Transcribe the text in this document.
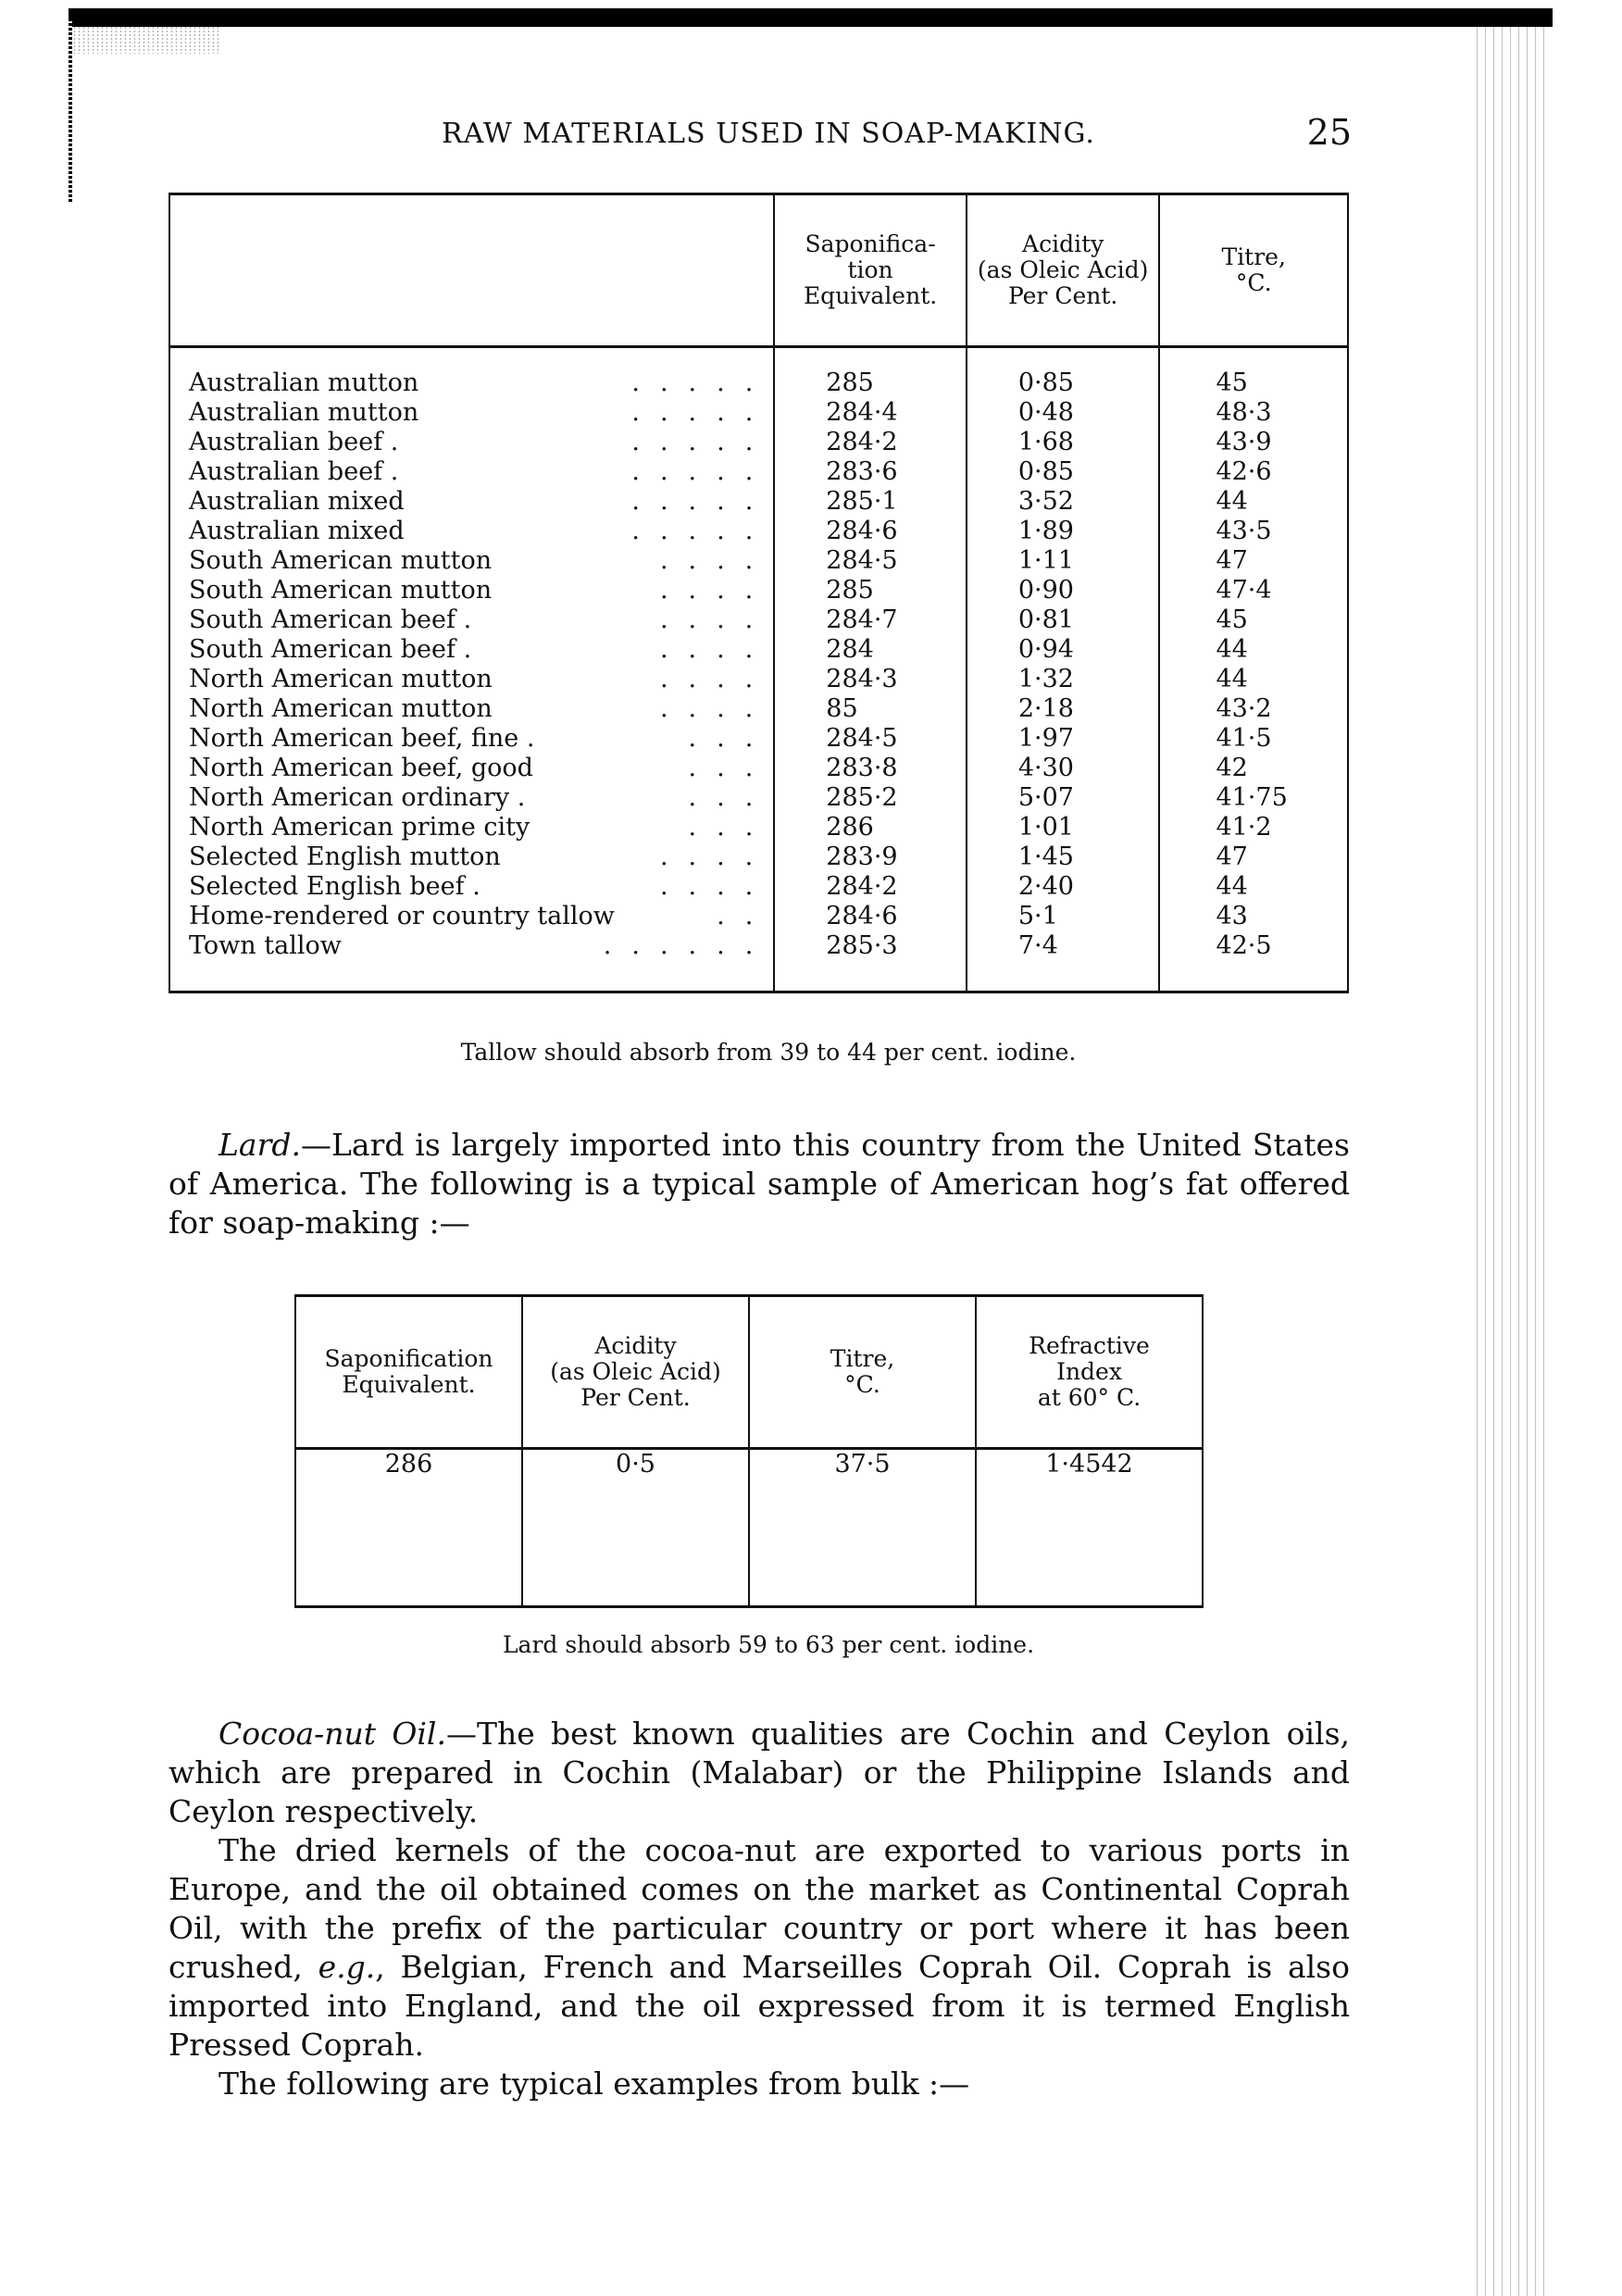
RAW MATERIALS USED IN SOAP-MAKING.	25
	Saponifica-
tion
Equivalent.	Acidity
(as Oleic Acid)
Per Cent.	Titre,
°C.

Australian mutton .....	285	0·85	45
Australian mutton .....	284·4	0·48	48·3
Australian beef . .....	284·2	1·68	43·9
Australian beef . .....	283·6	0·85	42·6
Australian mixed .....	285·1	3·52	44
Australian mixed .....	284·6	1·89	43·5
South American mutton ....	284·5	1·11	47
South American mutton ....	285	0·90	47·4
South American beef . ....	284·7	0·81	45
South American beef . ....	284	0·94	44
North American mutton ....	284·3	1·32	44
North American mutton ....	85	2·18	43·2
North American beef, fine . ...	284·5	1·97	41·5
North American beef, good ...	283·8	4·30	42
North American ordinary . ...	285·2	5·07	41·75
North American prime city ...	286	1·01	41·2
Selected English mutton ....	283·9	1·45	47
Selected English beef . ....	284·2	2·40	44
Home-rendered or country tallow ..	284·6	5·1	43
Town tallow ......	285·3	7·4	42·5

Tallow should absorb from 39 to 44 per cent. iodine.

Lard.—Lard is largely imported into this country from the United States of America. The following is a typical sample of American hog’s fat offered for soap-making :—

Saponification
Equivalent.	Acidity
(as Oleic Acid)
Per Cent.	Titre,
°C.	Refractive
Index
at 60° C.
286	0·5	37·5	1·4542
Lard should absorb 59 to 63 per cent. iodine.

Cocoa-nut Oil.—The best known qualities are Cochin and Ceylon oils, which are prepared in Cochin (Malabar) or the Philippine Islands and Ceylon respectively.

The dried kernels of the cocoa-nut are exported to various ports in Europe, and the oil obtained comes on the market as Continental Coprah Oil, with the prefix of the particular country or port where it has been crushed, e.g., Belgian, French and Marseilles Coprah Oil. Coprah is also imported into England, and the oil expressed from it is termed English Pressed Coprah.

The following are typical examples from bulk :—
